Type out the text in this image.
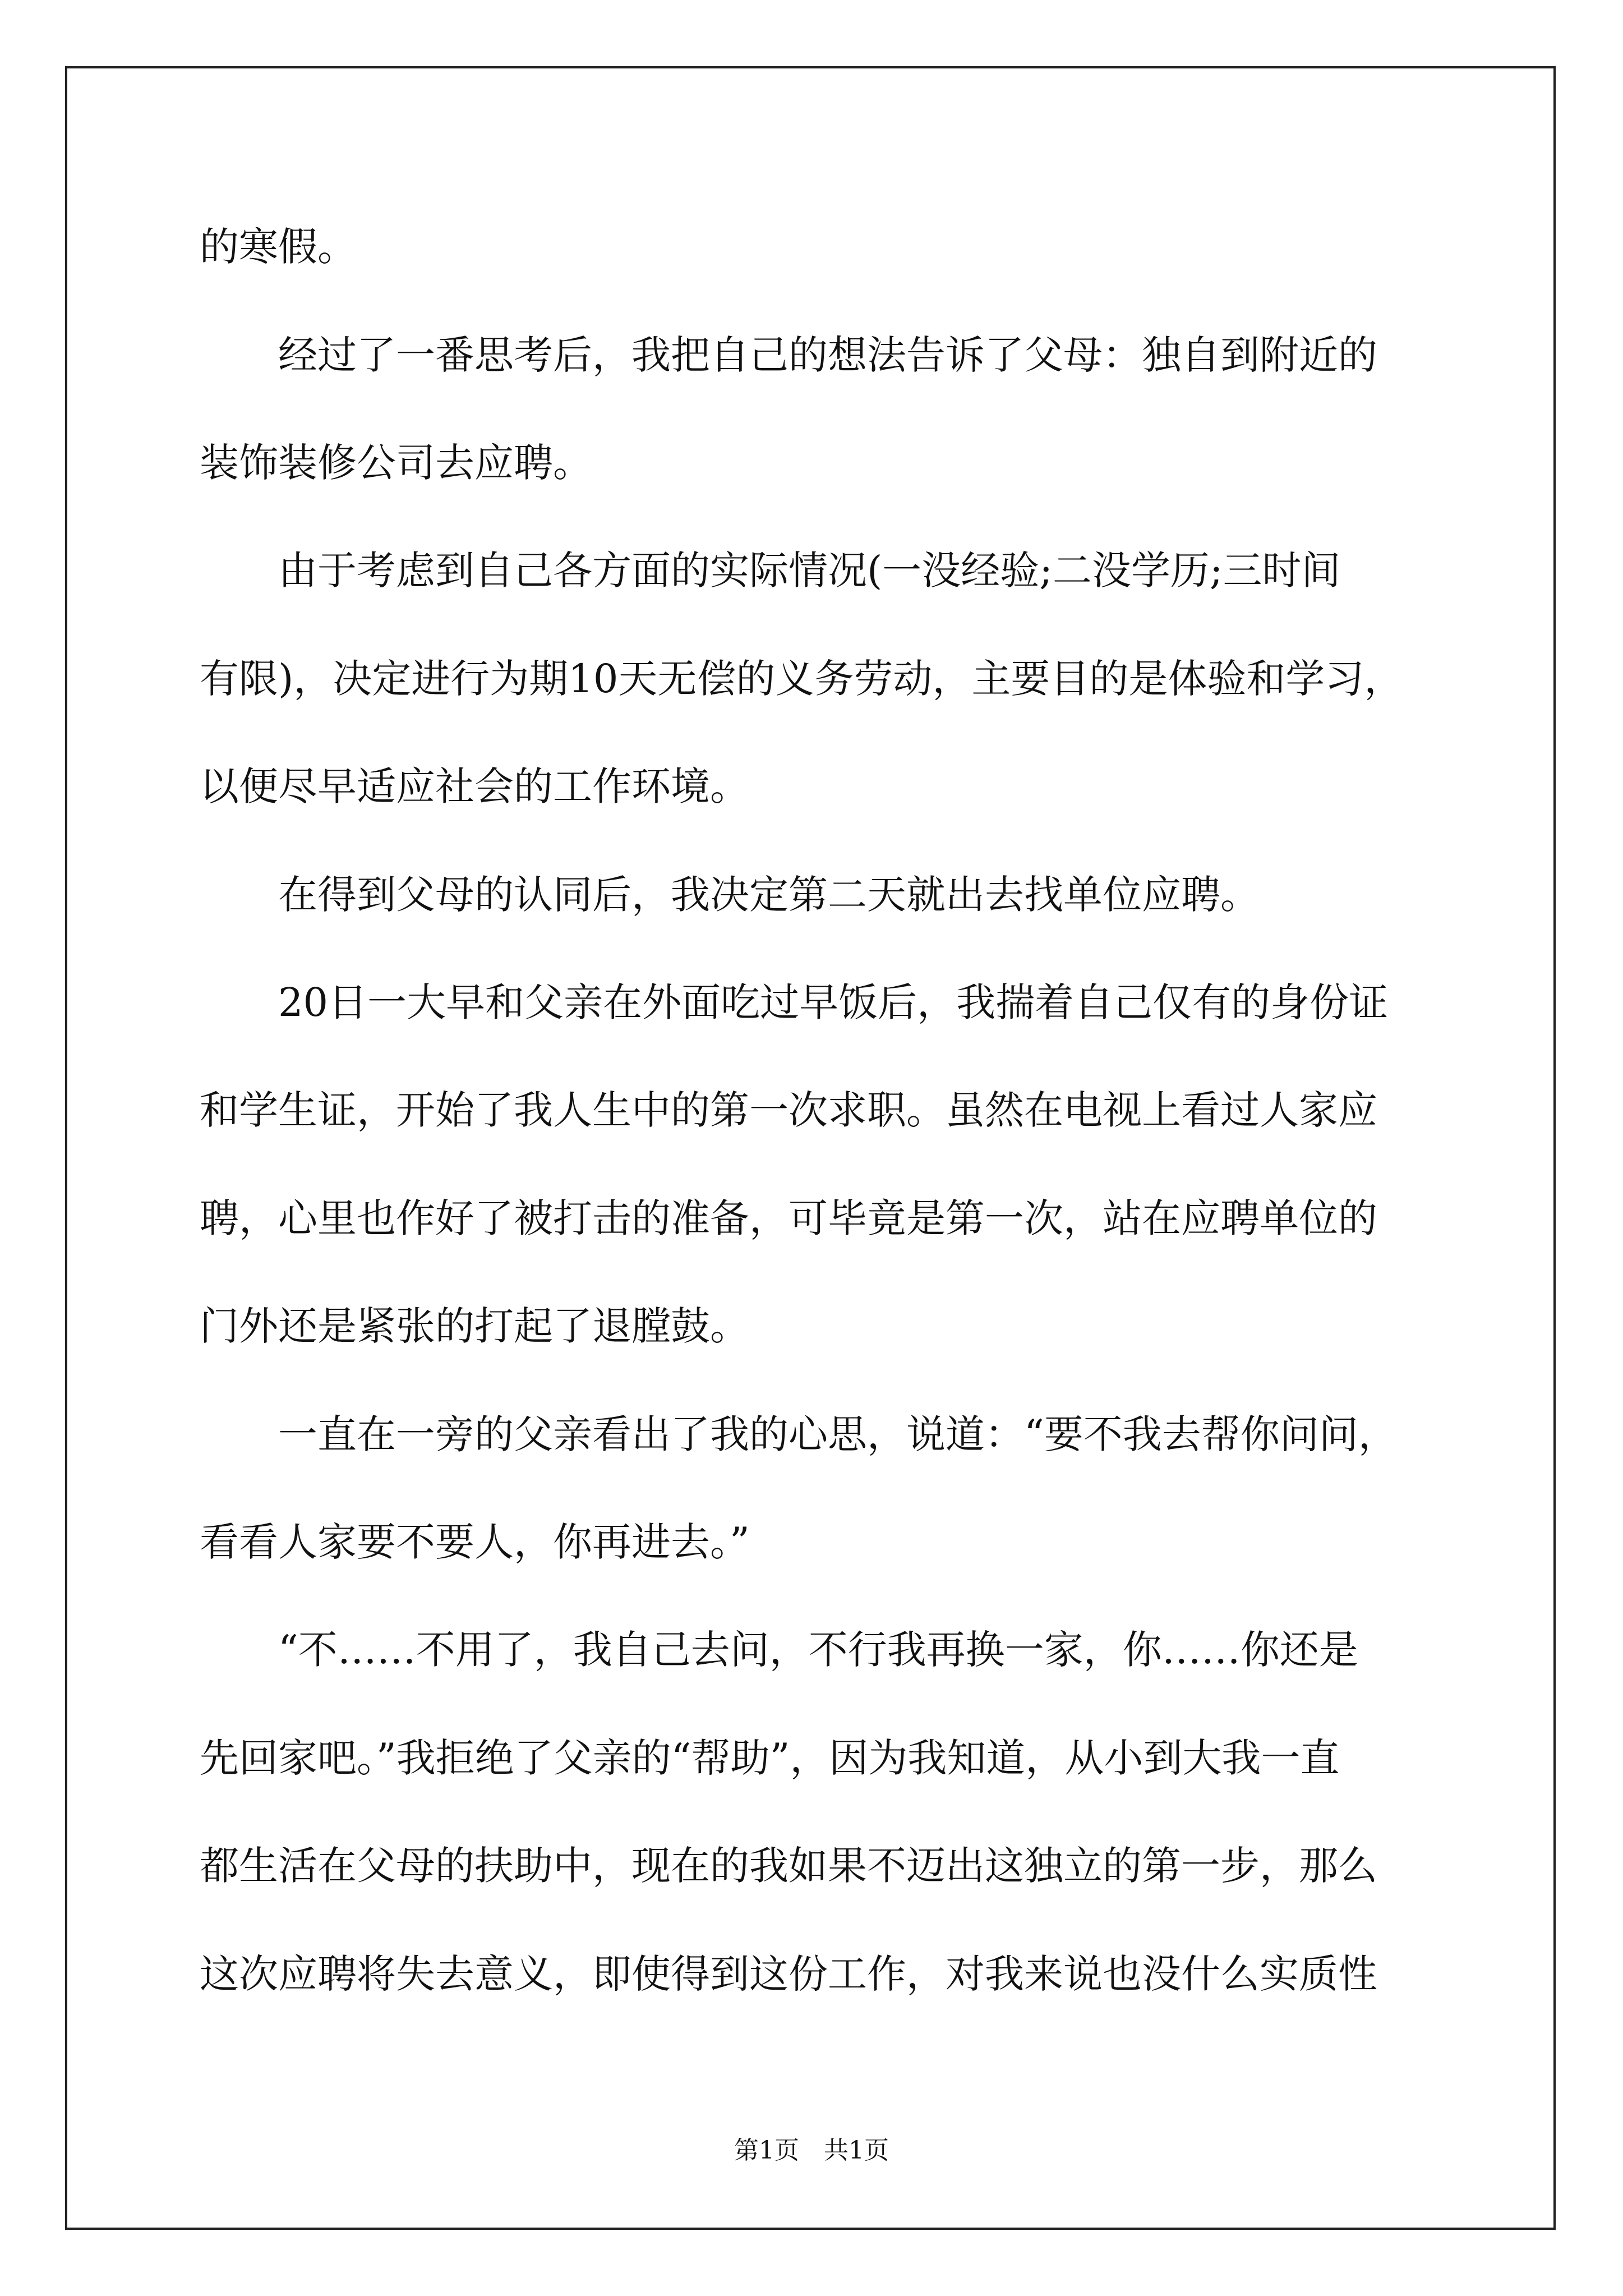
的寒假。
　　经过了一番思考后，我把自己的想法告诉了父母：独自到附近的
装饰装修公司去应聘。
　　由于考虑到自己各方面的实际情况(一没经验;二没学历;三时间
有限)，决定进行为期10天无偿的义务劳动，主要目的是体验和学习，
以便尽早适应社会的工作环境。
　　在得到父母的认同后，我决定第二天就出去找单位应聘。
　　20日一大早和父亲在外面吃过早饭后，我揣着自己仅有的身份证
和学生证，开始了我人生中的第一次求职。虽然在电视上看过人家应
聘，心里也作好了被打击的准备，可毕竟是第一次，站在应聘单位的
门外还是紧张的打起了退膛鼓。
　　一直在一旁的父亲看出了我的心思，说道：“要不我去帮你问问，
看看人家要不要人，你再进去。”
　　“不……不用了，我自己去问，不行我再换一家，你……你还是
先回家吧。”我拒绝了父亲的“帮助”，因为我知道，从小到大我一直
都生活在父母的扶助中，现在的我如果不迈出这独立的第一步，那么
这次应聘将失去意义，即使得到这份工作，对我来说也没什么实质性
第1页　共1页
